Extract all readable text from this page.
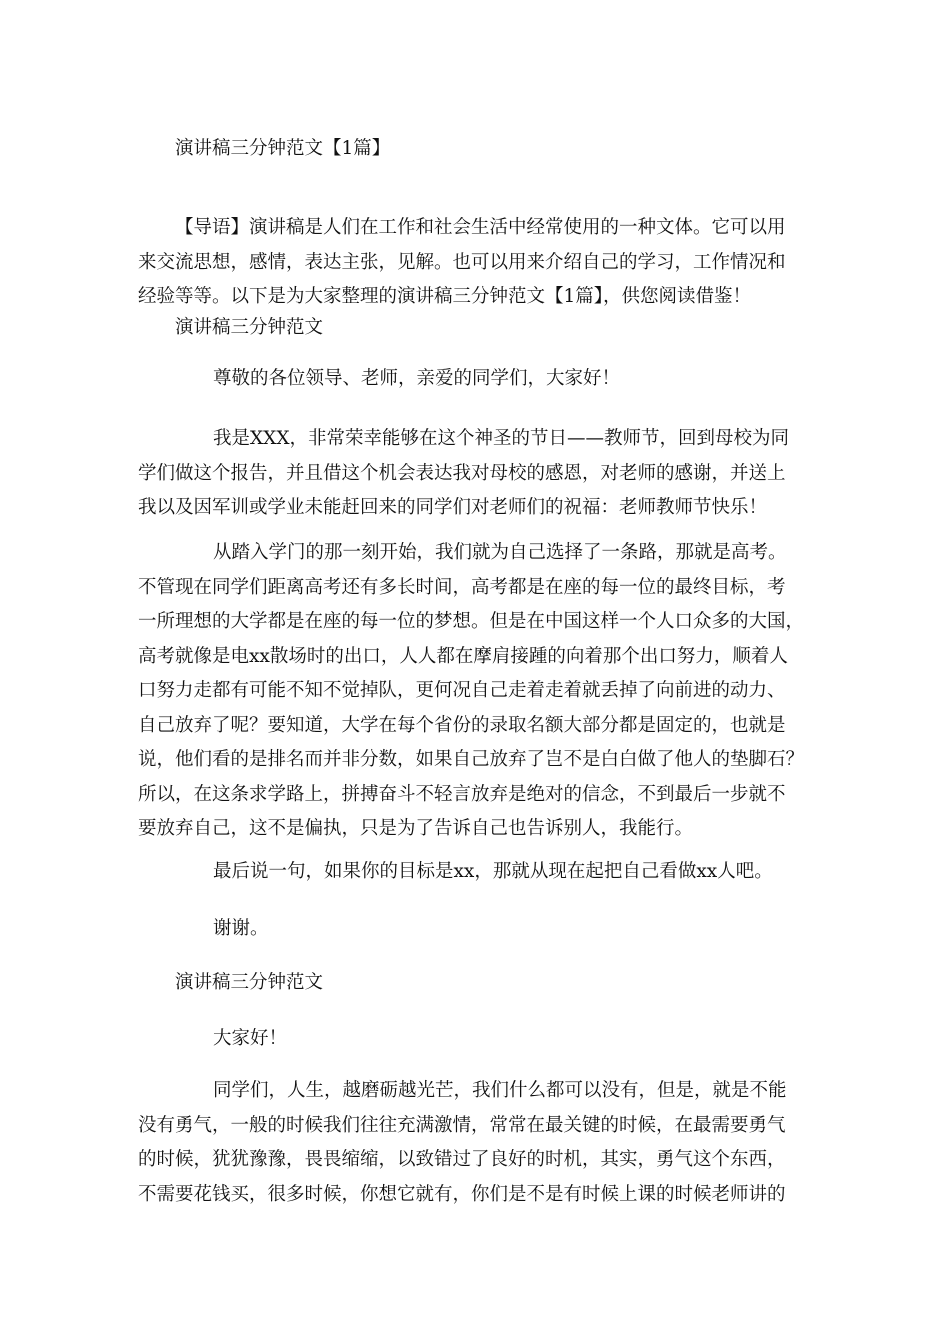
演讲稿三分钟范文【1篇】

【导语】演讲稿是人们在工作和社会生活中经常使用的一种文体。它可以用
来交流思想，感情，表达主张，见解。也可以用来介绍自己的学习，工作情况和
经验等等。以下是为大家整理的演讲稿三分钟范文【1篇】，供您阅读借鉴！

演讲稿三分钟范文

尊敬的各位领导、老师，亲爱的同学们，大家好！

我是XXX，非常荣幸能够在这个神圣的节日——教师节，回到母校为同
学们做这个报告，并且借这个机会表达我对母校的感恩，对老师的感谢，并送上
我以及因军训或学业未能赶回来的同学们对老师们的祝福：老师教师节快乐！
从踏入学门的那一刻开始，我们就为自己选择了一条路，那就是高考。
不管现在同学们距离高考还有多长时间，高考都是在座的每一位的最终目标，考
一所理想的大学都是在座的每一位的梦想。但是在中国这样一个人口众多的大国，
高考就像是电xx散场时的出口，人人都在摩肩接踵的向着那个出口努力，顺着人
口努力走都有可能不知不觉掉队，更何况自己走着走着就丢掉了向前进的动力、
自己放弃了呢？要知道，大学在每个省份的录取名额大部分都是固定的，也就是
说，他们看的是排名而并非分数，如果自己放弃了岂不是白白做了他人的垫脚石？
所以，在这条求学路上，拼搏奋斗不轻言放弃是绝对的信念，不到最后一步就不
要放弃自己，这不是偏执，只是为了告诉自己也告诉别人，我能行。

最后说一句，如果你的目标是xx，那就从现在起把自己看做xx人吧。

谢谢。

演讲稿三分钟范文

大家好！

同学们，人生，越磨砺越光芒，我们什么都可以没有，但是，就是不能
没有勇气，一般的时候我们往往充满激情，常常在最关键的时候，在最需要勇气
的时候，犹犹豫豫，畏畏缩缩，以致错过了良好的时机，其实，勇气这个东西，
不需要花钱买，很多时候，你想它就有，你们是不是有时候上课的时候老师讲的
